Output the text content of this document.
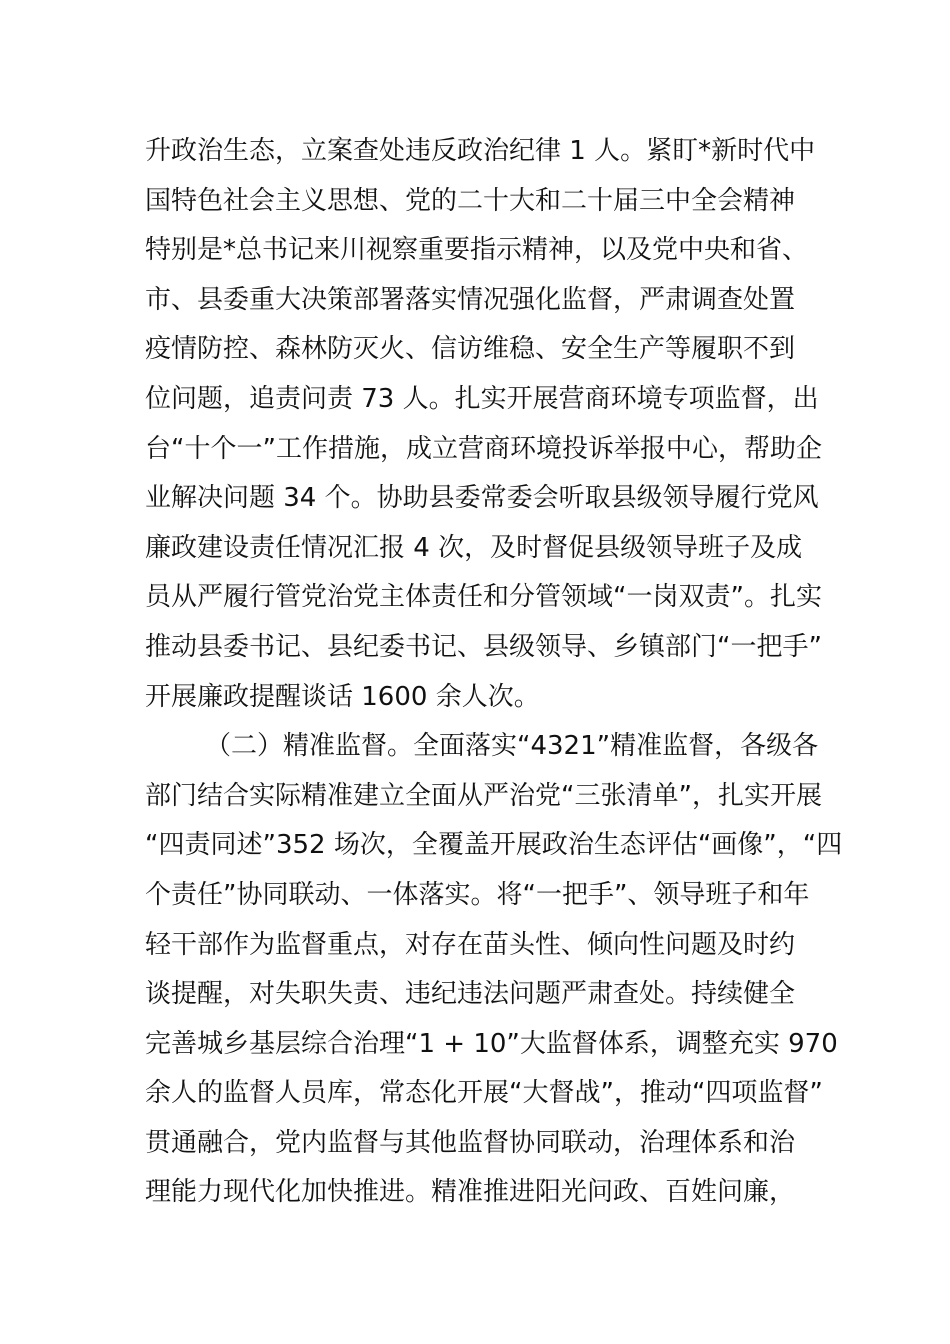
升政治生态，立案查处违反政治纪律 1 人。紧盯*新时代中
国特色社会主义思想、党的二十大和二十届三中全会精神
特别是*总书记来川视察重要指示精神，以及党中央和省、
市、县委重大决策部署落实情况强化监督，严肃调查处置
疫情防控、森林防灭火、信访维稳、安全生产等履职不到
位问题，追责问责 73 人。扎实开展营商环境专项监督，出
台“十个一”工作措施，成立营商环境投诉举报中心，帮助企
业解决问题 34 个。协助县委常委会听取县级领导履行党风
廉政建设责任情况汇报 4 次，及时督促县级领导班子及成
员从严履行管党治党主体责任和分管领域“一岗双责”。扎实
推动县委书记、县纪委书记、县级领导、乡镇部门“一把手”
开展廉政提醒谈话 1600 余人次。
（二）精准监督。全面落实“4321”精准监督，各级各
部门结合实际精准建立全面从严治党“三张清单”，扎实开展
“四责同述”352 场次，全覆盖开展政治生态评估“画像”，“四
个责任”协同联动、一体落实。将“一把手”、领导班子和年
轻干部作为监督重点，对存在苗头性、倾向性问题及时约
谈提醒，对失职失责、违纪违法问题严肃查处。持续健全
完善城乡基层综合治理“1 + 10”大监督体系，调整充实 970
余人的监督人员库，常态化开展“大督战”，推动“四项监督”
贯通融合，党内监督与其他监督协同联动，治理体系和治
理能力现代化加快推进。精准推进阳光问政、百姓问廉，
